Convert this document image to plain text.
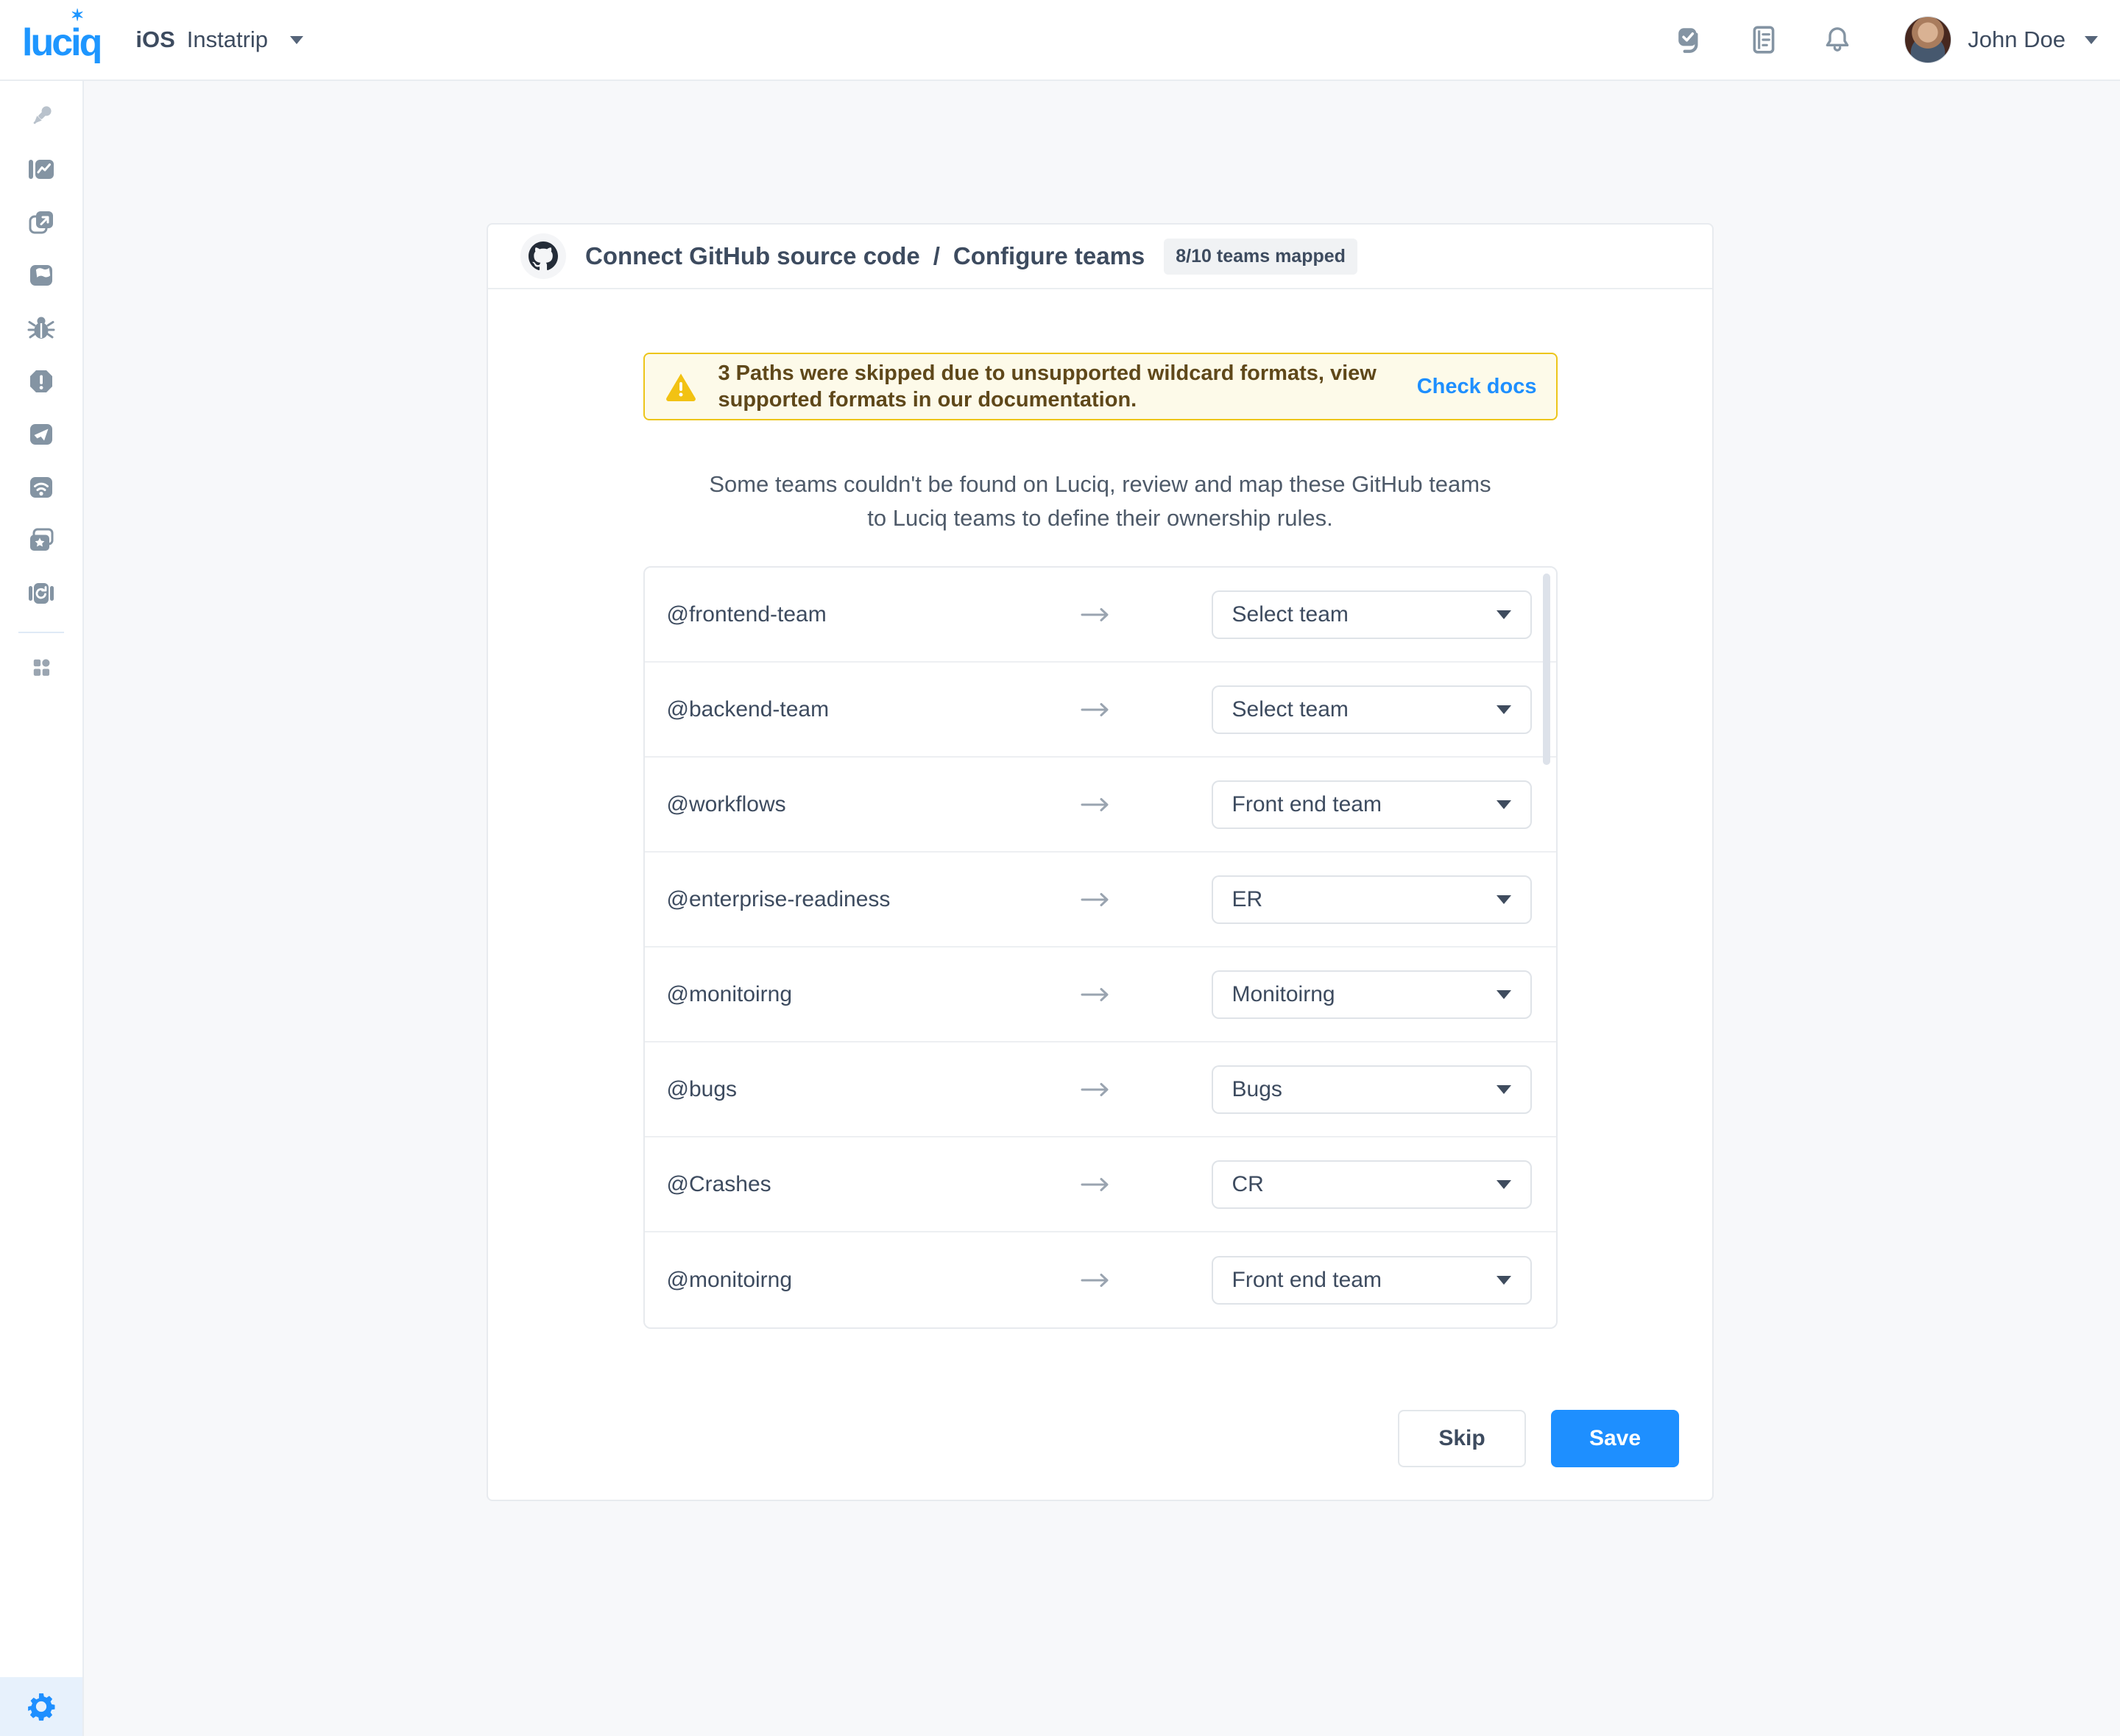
luciq
✶
iOS Instatrip	John Doe
Connect GitHub source code / Configure teams	8/10 teams mapped
3 Paths were skipped due to unsupported wildcard formats, view supported formats in our documentation.
Check docs
Some teams couldn't be found on Luciq, review and map these GitHub teams
to Luciq teams to define their ownership rules.
@frontend-team	Select team
@backend-team	Select team
@workflows	Front end team
@enterprise-readiness	ER
@monitoirng	Monitoirng
@bugs	Bugs
@Crashes	CR
@monitoirng	Front end team
Skip	Save
